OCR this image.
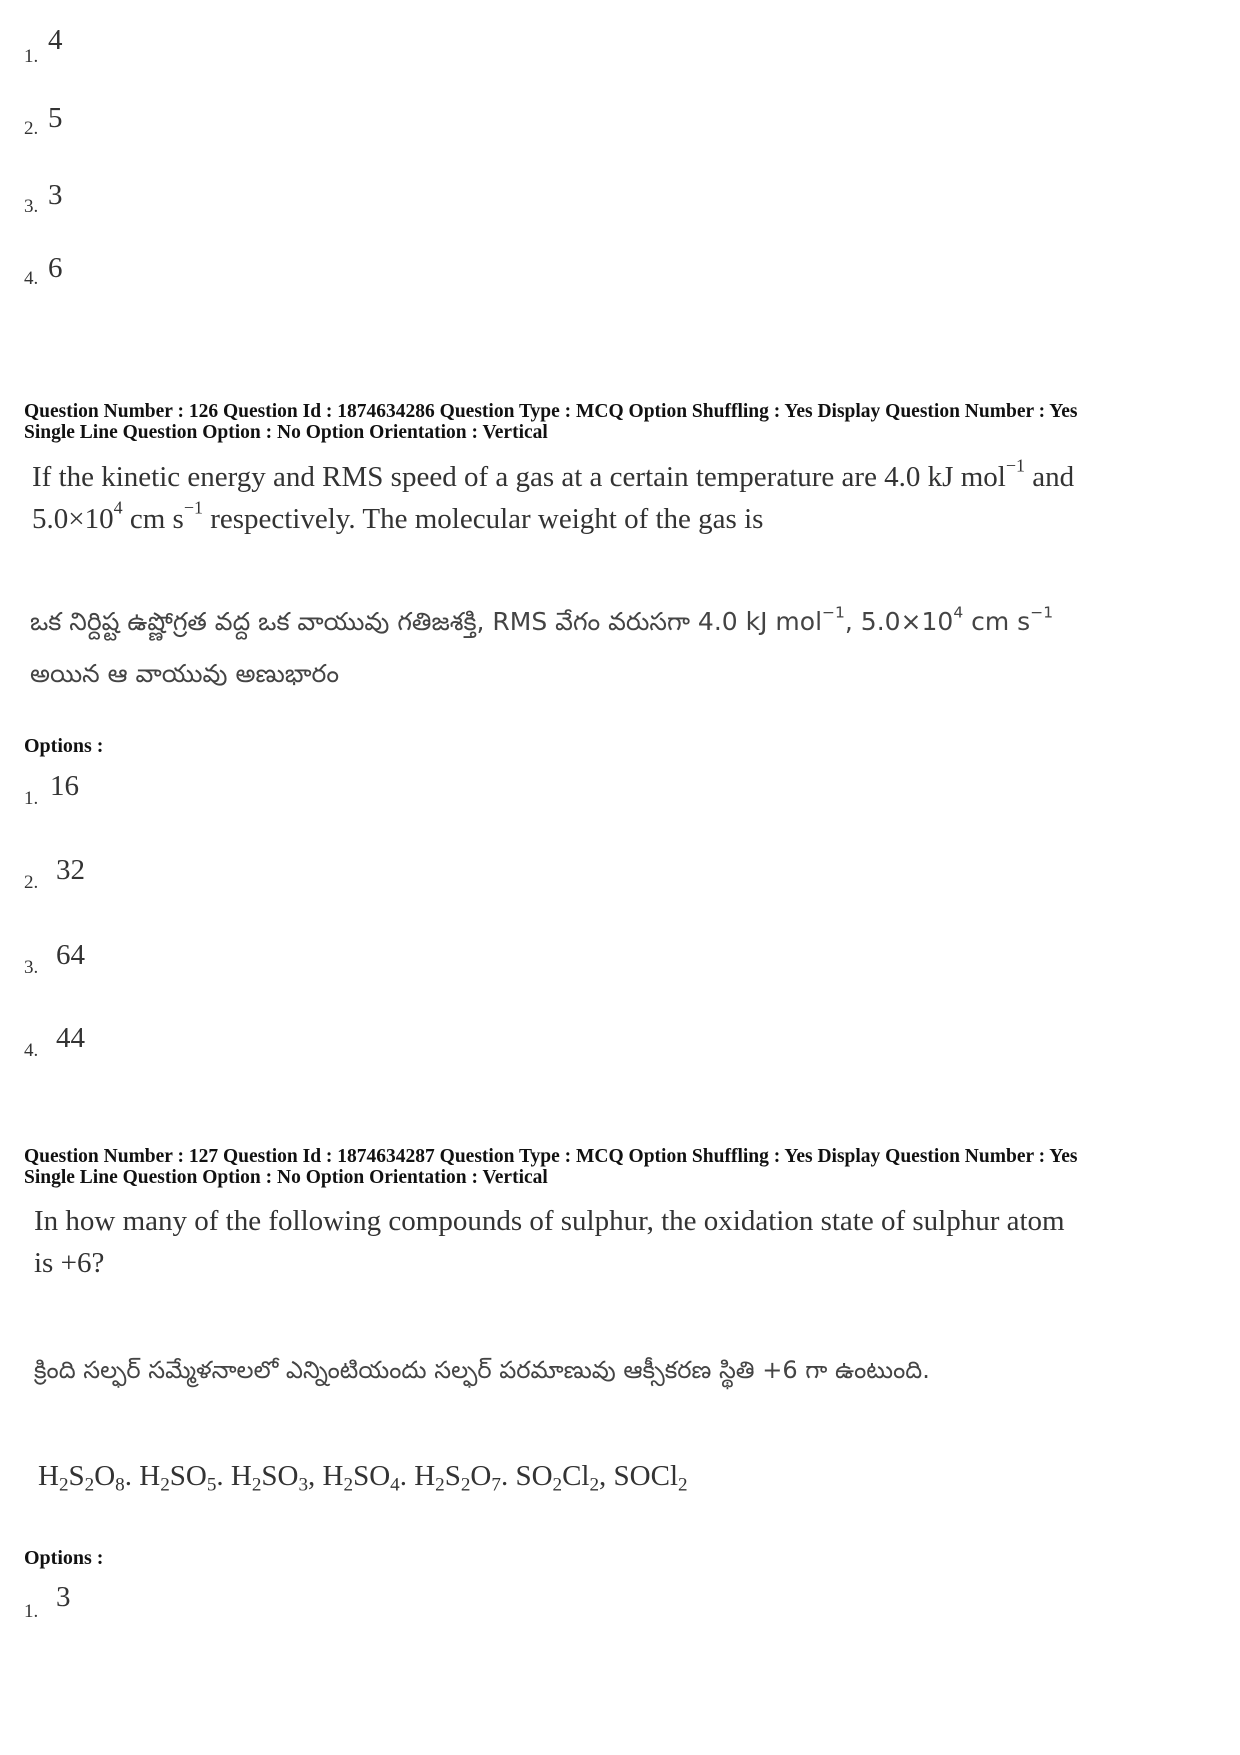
1.
4
2. 5
3. 3
4. 6
Question Number : 126 Question Id : 1874634286 Question Type : MCQ Option Shuffling : Yes Display Question Number : Yes
Single Line Question Option : No Option Orientation : Vertical
If the kinetic energy and RMS speed of a gas at a certain temperature are 4.0 kJ mol$^{-1}$ and
$5.0\times 10^4$ cm $s^{-1}$ respectively. The molecular weight of the gas is
ఒక నిర్దిష్ట ఉష్ణోగ్రత వద్ద ఒక వాయువు గతిజశక్తి, RMS వేగం వరుసగా 4.0 kJ mol$^{-1}$, $5.0\times 10^4$ cm $s^{-1}$
అయిన ఆ వాయువు అణుభారం
Options :
1. 16
2. 32
3. 64
4. 44
Question Number : 127 Question Id : 1874634287 Question Type : MCQ Option Shuffling : Yes Display Question Number : Yes
Single Line Question Option : No Option Orientation : Vertical
In how many of the following compounds of sulphur, the oxidation state of sulphur atom
is +6?
క్రింది సల్ఫర్ సమ్మేళనాలలో ఎన్నింటియందు సల్ఫర్ పరమాణువు ఆక్సీకరణ స్థితి +6 గా ఉంటుంది.
$H_2S_2O_8$. $H_2SO_5$. $H_2SO_3$, $H_2SO_4$. $H_2S_2O_7$. $SO_2Cl_2$, SOCl$_2$
Options :
1. 3
